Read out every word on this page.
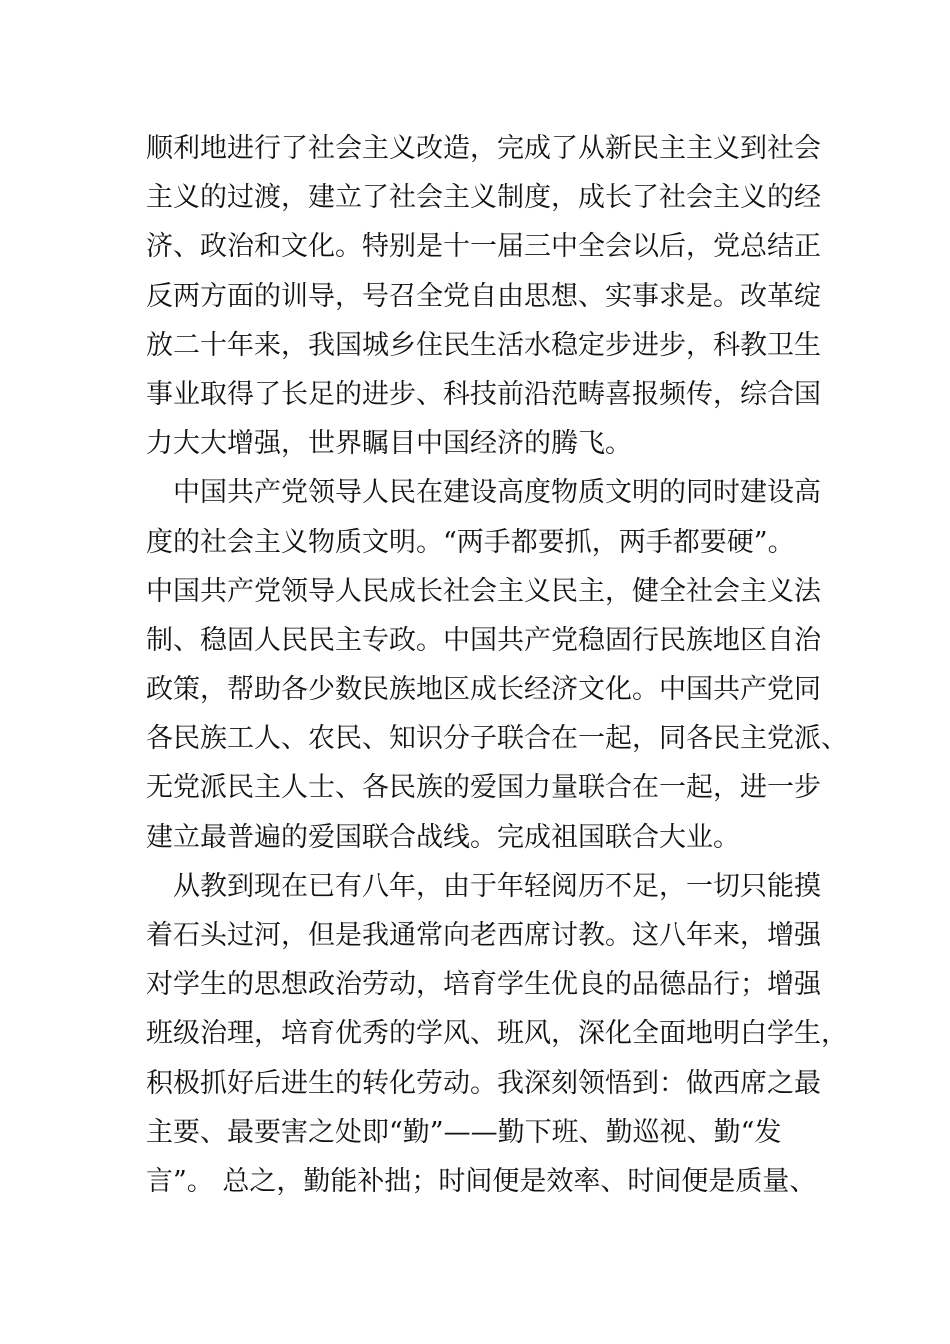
顺利地进行了社会主义改造，完成了从新民主主义到社会
主义的过渡，建立了社会主义制度，成长了社会主义的经
济、政治和文化。特别是十一届三中全会以后，党总结正
反两方面的训导，号召全党自由思想、实事求是。改革绽
放二十年来，我国城乡住民生活水稳定步进步，科教卫生
事业取得了长足的进步、科技前沿范畴喜报频传，综合国
力大大增强，世界瞩目中国经济的腾飞。
中国共产党领导人民在建设高度物质文明的同时建设高
度的社会主义物质文明。“两手都要抓，两手都要硬”。
中国共产党领导人民成长社会主义民主，健全社会主义法
制、稳固人民民主专政。中国共产党稳固行民族地区自治
政策，帮助各少数民族地区成长经济文化。中国共产党同
各民族工人、农民、知识分子联合在一起，同各民主党派、
无党派民主人士、各民族的爱国力量联合在一起，进一步
建立最普遍的爱国联合战线。完成祖国联合大业。
从教到现在已有八年，由于年轻阅历不足，一切只能摸
着石头过河，但是我通常向老西席讨教。这八年来，增强
对学生的思想政治劳动，培育学生优良的品德品行；增强
班级治理，培育优秀的学风、班风，深化全面地明白学生，
积极抓好后进生的转化劳动。我深刻领悟到：做西席之最
主要、最要害之处即“勤”——勤下班、勤巡视、勤“发
言”。 总之，勤能补拙；时间便是效率、时间便是质量、
